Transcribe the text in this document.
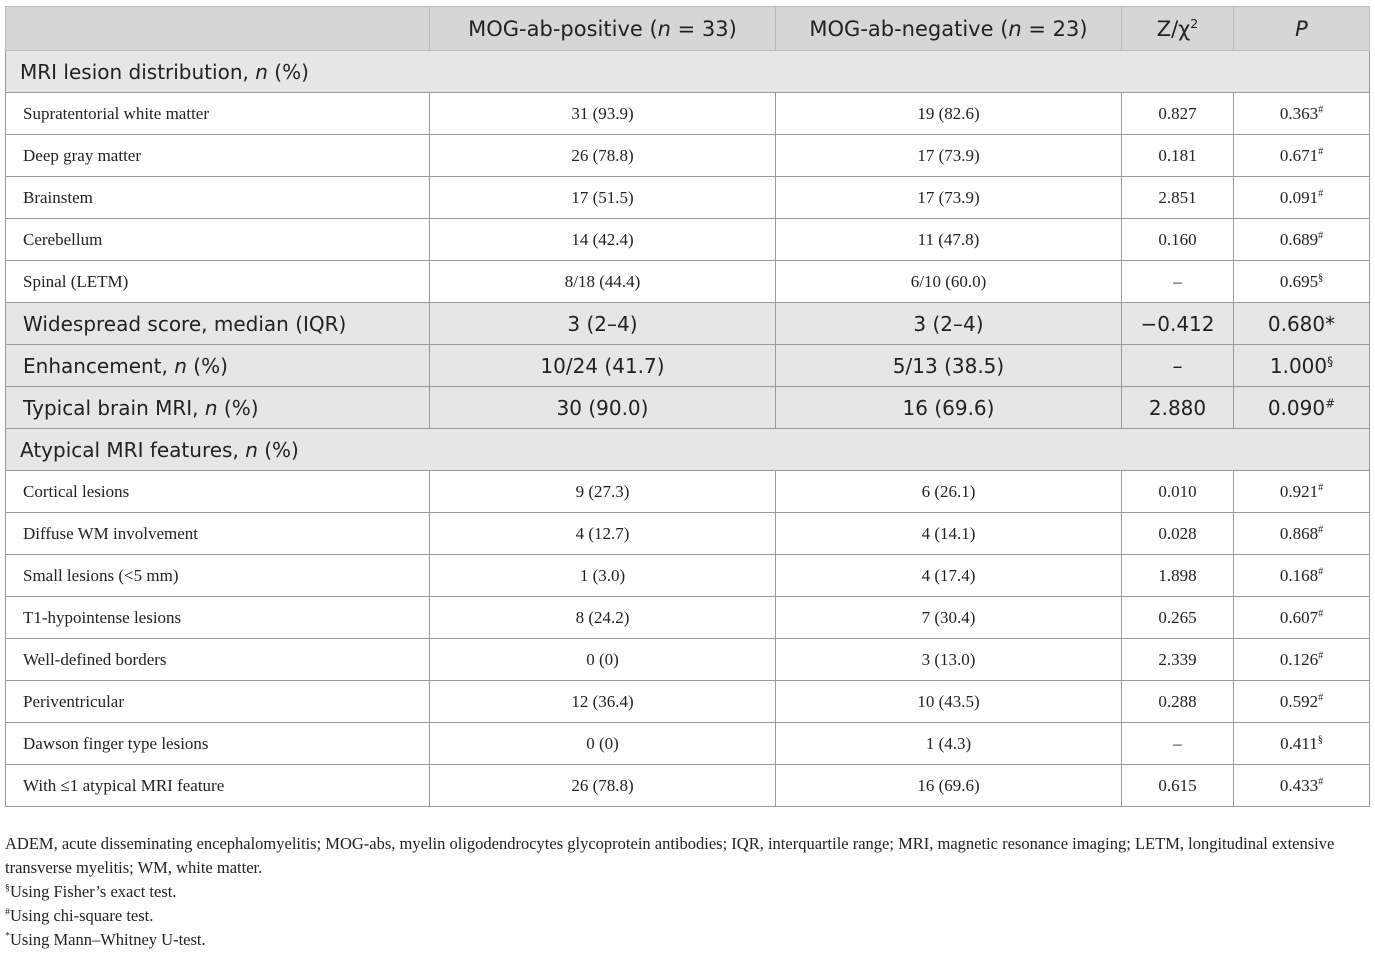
	MOG-ab-positive (n = 33)	MOG-ab-negative (n = 23)	$Z/\chi^2$	P
MRI lesion distribution, n (%)				
Supratentorial white matter	31 (93.9)	19 (82.6)	0.827	0.363#
Deep gray matter	26 (78.8)	17 (73.9)	0.181	0.671#
Brainstem	17 (51.5)	17 (73.9)	2.851	0.091#
Cerebellum	14 (42.4)	11 (47.8)	0.160	0.689#
Spinal (LETM)	8/18 (44.4)	6/10 (60.0)	–	0.695§
Widespread score, median (IQR)	3 (2–4)	3 (2–4)	−0.412	0.680*
Enhancement, n (%)	10/24 (41.7)	5/13 (38.5)	–	1.000§
Typical brain MRI, n (%)	30 (90.0)	16 (69.6)	2.880	0.090#
Atypical MRI features, n (%)				
Cortical lesions	9 (27.3)	6 (26.1)	0.010	0.921#
Diffuse WM involvement	4 (12.7)	4 (14.1)	0.028	0.868#
Small lesions (<5 mm)	1 (3.0)	4 (17.4)	1.898	0.168#
T1-hypointense lesions	8 (24.2)	7 (30.4)	0.265	0.607#
Well-defined borders	0 (0)	3 (13.0)	2.339	0.126#
Periventricular	12 (36.4)	10 (43.5)	0.288	0.592#
Dawson finger type lesions	0 (0)	1 (4.3)	–	0.411§
With ≤1 atypical MRI feature	26 (78.8)	16 (69.6)	0.615	0.433#

ADEM, acute disseminating encephalomyelitis; MOG-abs, myelin oligodendrocytes glycoprotein antibodies; IQR, interquartile range; MRI, magnetic resonance imaging; LETM, longitudinal extensive transverse myelitis; WM, white matter.

§Using Fisher’s exact test.

#Using chi-square test.

*Using Mann–Whitney U-test.
